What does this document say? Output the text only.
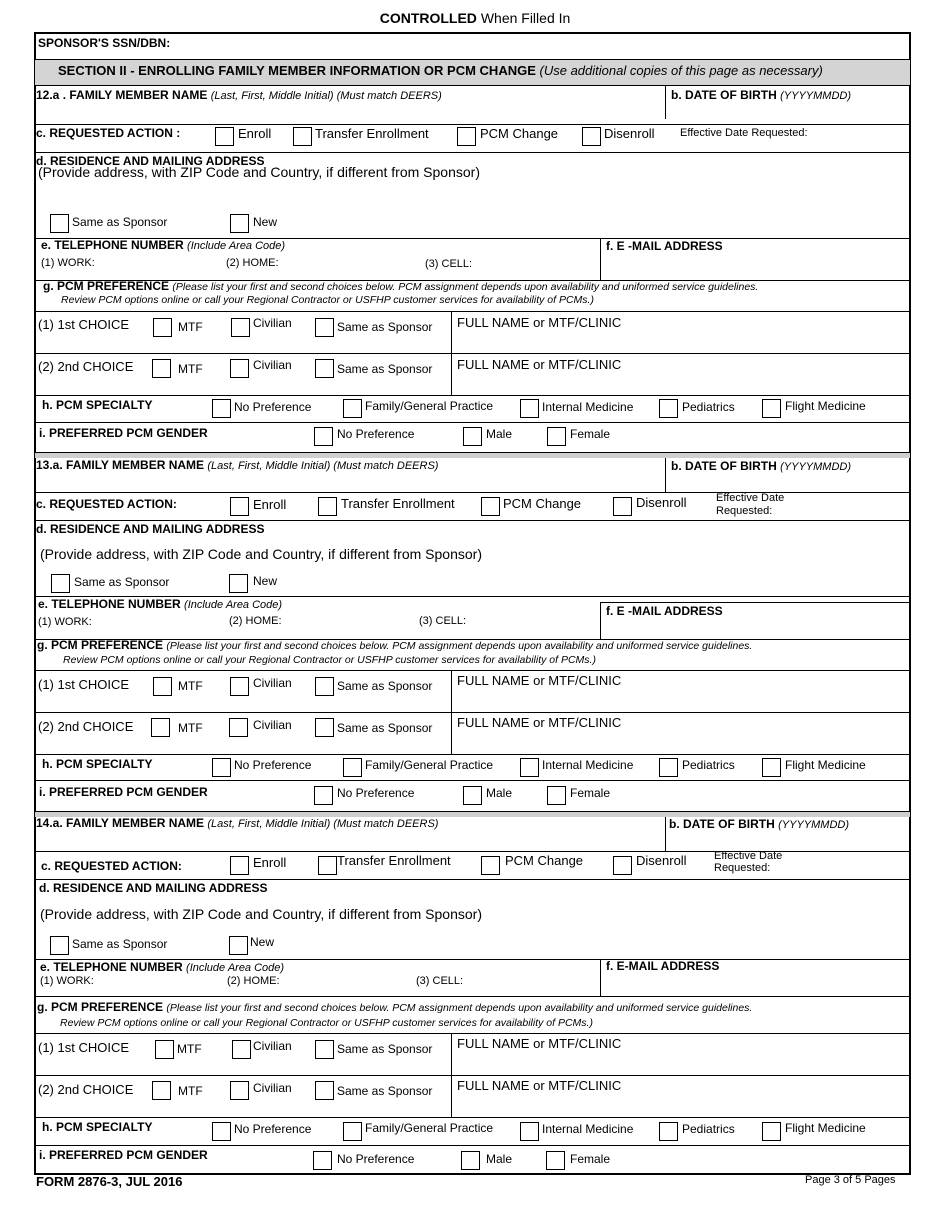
CONTROLLED When Filled In
SPONSOR'S SSN/DBN:
SECTION II - ENROLLING FAMILY MEMBER INFORMATION OR PCM CHANGE (Use additional copies of this page as necessary)
12.a . FAMILY MEMBER NAME (Last, First, Middle Initial) (Must match DEERS)	b. DATE OF BIRTH (YYYYMMDD)
c. REQUESTED ACTION :	Enroll	Transfer Enrollment	PCM Change	Disenroll Effective Date Requested:
d. RESIDENCE AND MAILING ADDRESS
(Provide address, with ZIP Code and Country, if different from Sponsor)
Same as Sponsor	New
e. TELEPHONE NUMBER (Include Area Code)
(1) WORK:	(2) HOME:	(3) CELL:
f. E -MAIL ADDRESS
g. PCM PREFERENCE (Please list your first and second choices below. PCM assignment depends upon availability and uniformed service guidelines.
Review PCM options online or call your Regional Contractor or USFHP customer services for availability of PCMs.)
(1) 1st CHOICE	MTF	Civilian	Same as Sponsor FULL NAME or MTF/CLINIC
(2) 2nd CHOICE	MTF	Civilian	Same as Sponsor FULL NAME or MTF/CLINIC
h. PCM SPECIALTY	No Preference	Family/General Practice	Internal Medicine	Pediatrics	Flight Medicine
i. PREFERRED PCM GENDER	No Preference	Male	Female
13.a. FAMILY MEMBER NAME (Last, First, Middle Initial) (Must match DEERS)	b. DATE OF BIRTH (YYYYMMDD)
c. REQUESTED ACTION:	Enroll	Transfer Enrollment	PCM Change	Disenroll	Effective Date
Requested:
d. RESIDENCE AND MAILING ADDRESS
(Provide address, with ZIP Code and Country, if different from Sponsor)
Same as Sponsor	New
e. TELEPHONE NUMBER (Include Area Code)
(1) WORK:	(2) HOME:	(3) CELL:
f. E -MAIL ADDRESS
g. PCM PREFERENCE (Please list your first and second choices below. PCM assignment depends upon availability and uniformed service guidelines.
Review PCM options online or call your Regional Contractor or USFHP customer services for availability of PCMs.)
(1) 1st CHOICE	MTF	Civilian	Same as Sponsor FULL NAME or MTF/CLINIC
(2) 2nd CHOICE	MTF	Civilian	Same as Sponsor FULL NAME or MTF/CLINIC
h. PCM SPECIALTY	No Preference	Family/General Practice	Internal Medicine	Pediatrics	Flight Medicine
i. PREFERRED PCM GENDER	No Preference	Male	Female
14.a. FAMILY MEMBER NAME (Last, First, Middle Initial) (Must match DEERS)	b. DATE OF BIRTH (YYYYMMDD)
c. REQUESTED ACTION:	Enroll	Transfer Enrollment	PCM Change	Disenroll Effective Date
Requested:
d. RESIDENCE AND MAILING ADDRESS
(Provide address, with ZIP Code and Country, if different from Sponsor)
Same as Sponsor	New
e. TELEPHONE NUMBER (Include Area Code)
(1) WORK:	(2) HOME:	(3) CELL:
f. E-MAIL ADDRESS
g. PCM PREFERENCE (Please list your first and second choices below. PCM assignment depends upon availability and uniformed service guidelines.
Review PCM options online or call your Regional Contractor or USFHP customer services for availability of PCMs.)
(1) 1st CHOICE	MTF	Civilian	Same as Sponsor FULL NAME or MTF/CLINIC
(2) 2nd CHOICE	MTF	Civilian	Same as Sponsor FULL NAME or MTF/CLINIC
h. PCM SPECIALTY	No Preference	Family/General Practice	Internal Medicine	Pediatrics	Flight Medicine
i. PREFERRED PCM GENDER	No Preference	Male	Female
FORM 2876-3, JUL 2016	Page 3 of 5 Pages
